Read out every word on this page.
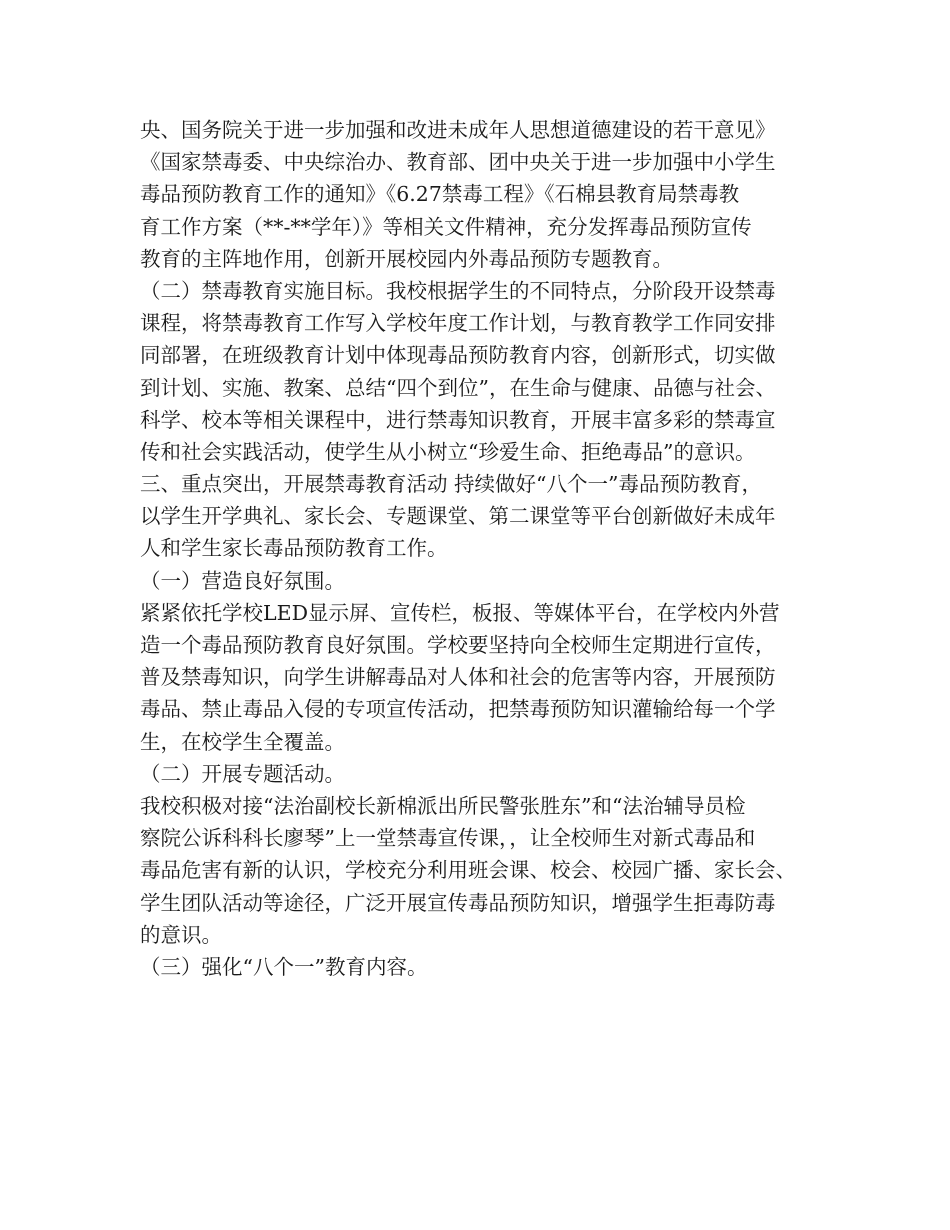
央、国务院关于进一步加强和改进未成年人思想道德建设的若干意见》

《国家禁毒委、中央综治办、教育部、团中央关于进一步加强中小学生

毒品预防教育工作的通知》《6.27禁毒工程》《石棉县教育局禁毒教

育工作方案（**-**学年）》等相关文件精神，充分发挥毒品预防宣传

教育的主阵地作用，创新开展校园内外毒品预防专题教育。

（二）禁毒教育实施目标。我校根据学生的不同特点，分阶段开设禁毒

课程，将禁毒教育工作写入学校年度工作计划，与教育教学工作同安排

同部署，在班级教育计划中体现毒品预防教育内容，创新形式，切实做

到计划、实施、教案、总结“四个到位”，在生命与健康、品德与社会、

科学、校本等相关课程中，进行禁毒知识教育，开展丰富多彩的禁毒宣

传和社会实践活动，使学生从小树立“珍爱生命、拒绝毒品”的意识。

三、重点突出，开展禁毒教育活动 持续做好“八个一”毒品预防教育，

以学生开学典礼、家长会、专题课堂、第二课堂等平台创新做好未成年

人和学生家长毒品预防教育工作。

（一）营造良好氛围。

紧紧依托学校LED显示屏、宣传栏，板报、等媒体平台，在学校内外营

造一个毒品预防教育良好氛围。学校要坚持向全校师生定期进行宣传，

普及禁毒知识，向学生讲解毒品对人体和社会的危害等内容，开展预防

毒品、禁止毒品入侵的专项宣传活动，把禁毒预防知识灌输给每一个学

生，在校学生全覆盖。

（二）开展专题活动。

我校积极对接“法治副校长新棉派出所民警张胜东”和“法治辅导员检

察院公诉科科长廖琴”上一堂禁毒宣传课，，让全校师生对新式毒品和

毒品危害有新的认识，学校充分利用班会课、校会、校园广播、家长会、

学生团队活动等途径，广泛开展宣传毒品预防知识，增强学生拒毒防毒

的意识。

（三）强化“八个一”教育内容。
